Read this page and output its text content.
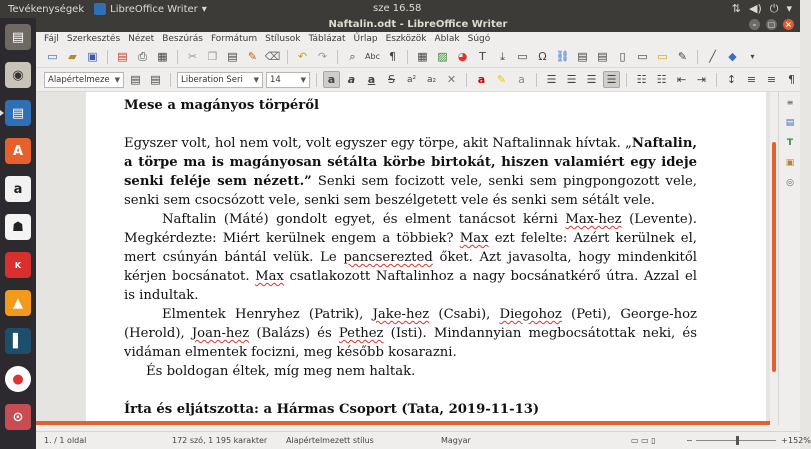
Tevékenységek	LibreOffice Writer ▾	sze 16.58	⇅ ◀) ⏻ ▾
▤
◉
▤
A
a
☗
K
▲
▌
●
⊙
Naftalin.odt - LibreOffice Writer	–	▢ ×
Fájl Szerkesztés Nézet Beszúrás Formátum Stílusok Táblázat Űrlap Eszközök Ablak Súgó
▭ ▰ ▣ ▤ ⎙ ▦	✂ ❐ ▤ ✎ ⌫	↶ ↷	⌕	Abc ¶	▦ ▨ ◕	T	⤓	▭ Ω ⛓ ▤ ▤	▯	▭ ▭ ✎	╱	◆	▾
Alapértelmeze ▼ ▤ ▤	Liberation Seri ▼ 14	▼	a	a	a	S	a²	a₂ ✕	a	✎	a	☰ ☰ ☰ ☰	☷ ☷ ⇤ ⇥	↕ ≡ ≡	¶

Mese a magányos törpéről

Egyszer volt, hol nem volt, volt egyszer egy törpe, akit Naftalinnak hívtak. „Naftalin, a törpe ma is magányosan sétálta körbe birtokát, hiszen valamiért egy ideje senki feléje sem nézett.” Senki sem focizott vele, senki sem pingpongozott vele, senki sem csocsózott vele, senki sem beszélgetett vele és senki sem sétált vele.

Naftalin (Máté) gondolt egyet, és elment tanácsot kérni Max-hez (Levente). Megkérdezte: Miért kerülnek engem a többiek? Max ezt felelte: Azért kerülnek el, mert csúnyán bántál velük. Le pancserezted őket. Azt javasolta, hogy mindenkitől kérjen bocsánatot. Max csatlakozott Naftalinhoz a nagy bocsánatkérő útra. Azzal el is indultak.

Elmentek Henryhez (Patrik), Jake-hez (Csabi), Diegohoz (Peti), George-hoz (Herold), Joan-hez (Balázs) és Pethez (Isti). Mindannyian megbocsátottak neki, és vidáman elmentek focizni, meg később kosarazni.

És boldogan éltek, míg meg nem haltak.

Írta és eljátszotta: a Hármas Csoport (Tata, 2019-11-13)

≡
▤
T
▣
◎
1. / 1 oldal	172 szó, 1 195 karakter Alapértelmezett stílus	Magyar	▭ ▭ ▯	−	+ 152%
